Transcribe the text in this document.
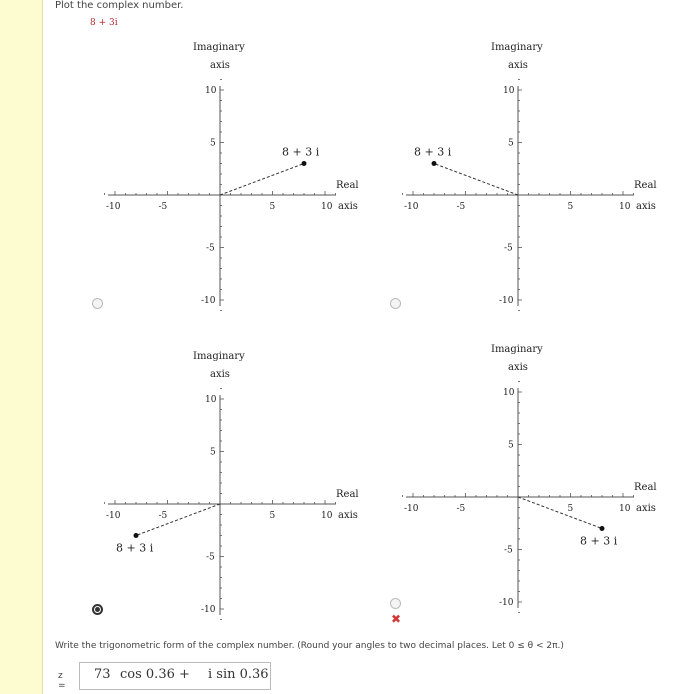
Plot the complex number.
8 + 3i
-10	-5	5	10
10
5
-5
-10
Imaginary
axis
Real
axis
8 + 3 i
-10	-5	5	10
10
5
-5
-10
Imaginary
axis
Real
axis
8 + 3 i
-10	-5	5	10
10
5
-5
-10
Imaginary
axis
Real
axis
8 + 3 i
-10	-5	5	10
10
5
-5
-10
Imaginary
axis
Real
axis
8 + 3 i
✖
Write the trigonometric form of the complex number. (Round your angles to two decimal places. Let 0 ≤ θ < 2π.)
z =
73 cos 0.36 + i sin 0.36
